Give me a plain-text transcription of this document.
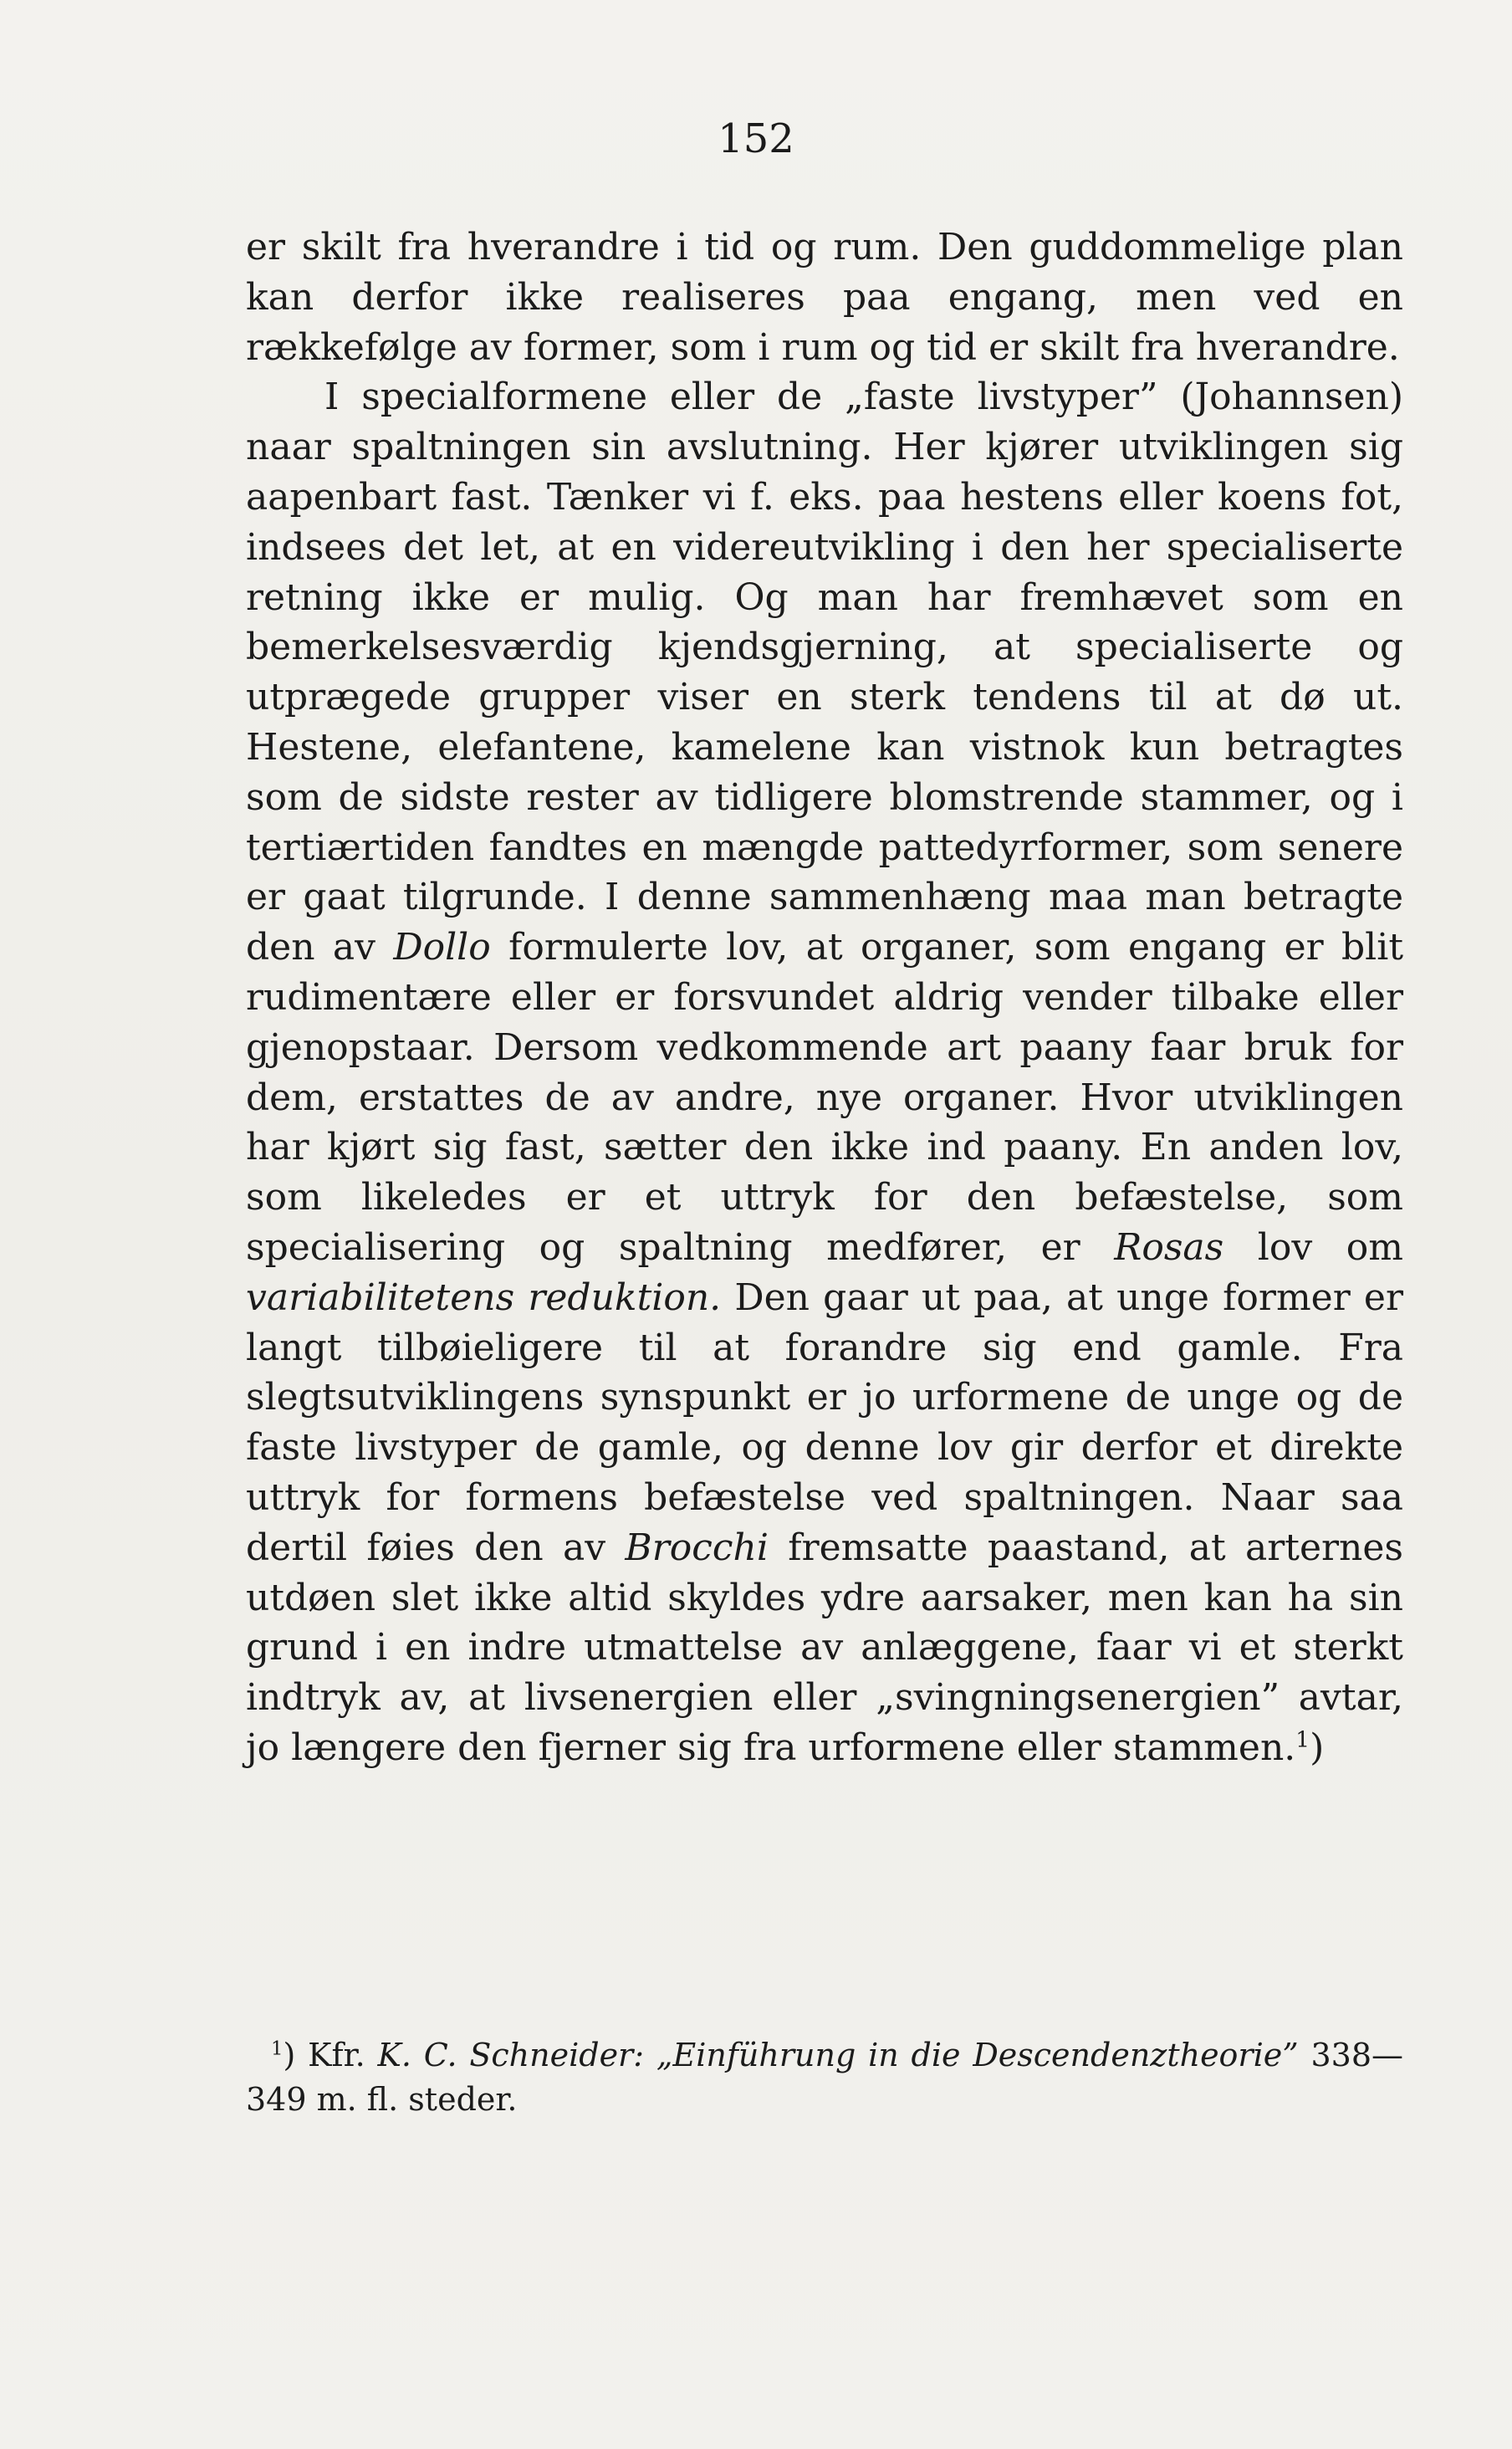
152

er skilt fra hverandre i tid og rum. Den guddommelige plan kan derfor ikke realiseres paa engang, men ved en rækkefølge av former, som i rum og tid er skilt fra hverandre.

I specialformene eller de „faste livstyper” (Johannsen) naar spaltningen sin avslutning. Her kjører utviklingen sig aapenbart fast. Tænker vi f. eks. paa hestens eller koens fot, indsees det let, at en videreutvikling i den her specialiserte retning ikke er mulig. Og man har fremhævet som en bemerkelsesværdig kjendsgjerning, at specialiserte og utprægede grupper viser en sterk tendens til at dø ut. Hestene, elefantene, kamelene kan vistnok kun betragtes som de sidste rester av tidligere blomstrende stammer, og i tertiærtiden fandtes en mængde pattedyrformer, som senere er gaat tilgrunde. I denne sammenhæng maa man betragte den av Dollo formulerte lov, at organer, som engang er blit rudimentære eller er forsvundet aldrig vender tilbake eller gjenopstaar. Dersom vedkommende art paany faar bruk for dem, erstattes de av andre, nye organer. Hvor utviklingen har kjørt sig fast, sætter den ikke ind paany. En anden lov, som likeledes er et uttryk for den befæstelse, som specialisering og spaltning medfører, er Rosas lov om variabilitetens reduktion. Den gaar ut paa, at unge former er langt tilbøieligere til at forandre sig end gamle. Fra slegtsutviklingens synspunkt er jo urformene de unge og de faste livstyper de gamle, og denne lov gir derfor et direkte uttryk for formens befæstelse ved spaltningen. Naar saa dertil føies den av Brocchi fremsatte paastand, at arternes utdøen slet ikke altid skyldes ydre aarsaker, men kan ha sin grund i en indre utmattelse av anlæggene, faar vi et sterkt indtryk av, at livsenergien eller „svingningsenergien” avtar, jo længere den fjerner sig fra urformene eller stammen.$^1$)

$^1$) Kfr. K. C. Schneider: „Einführung in die Descendenztheorie” 338—349 m. fl. steder.
